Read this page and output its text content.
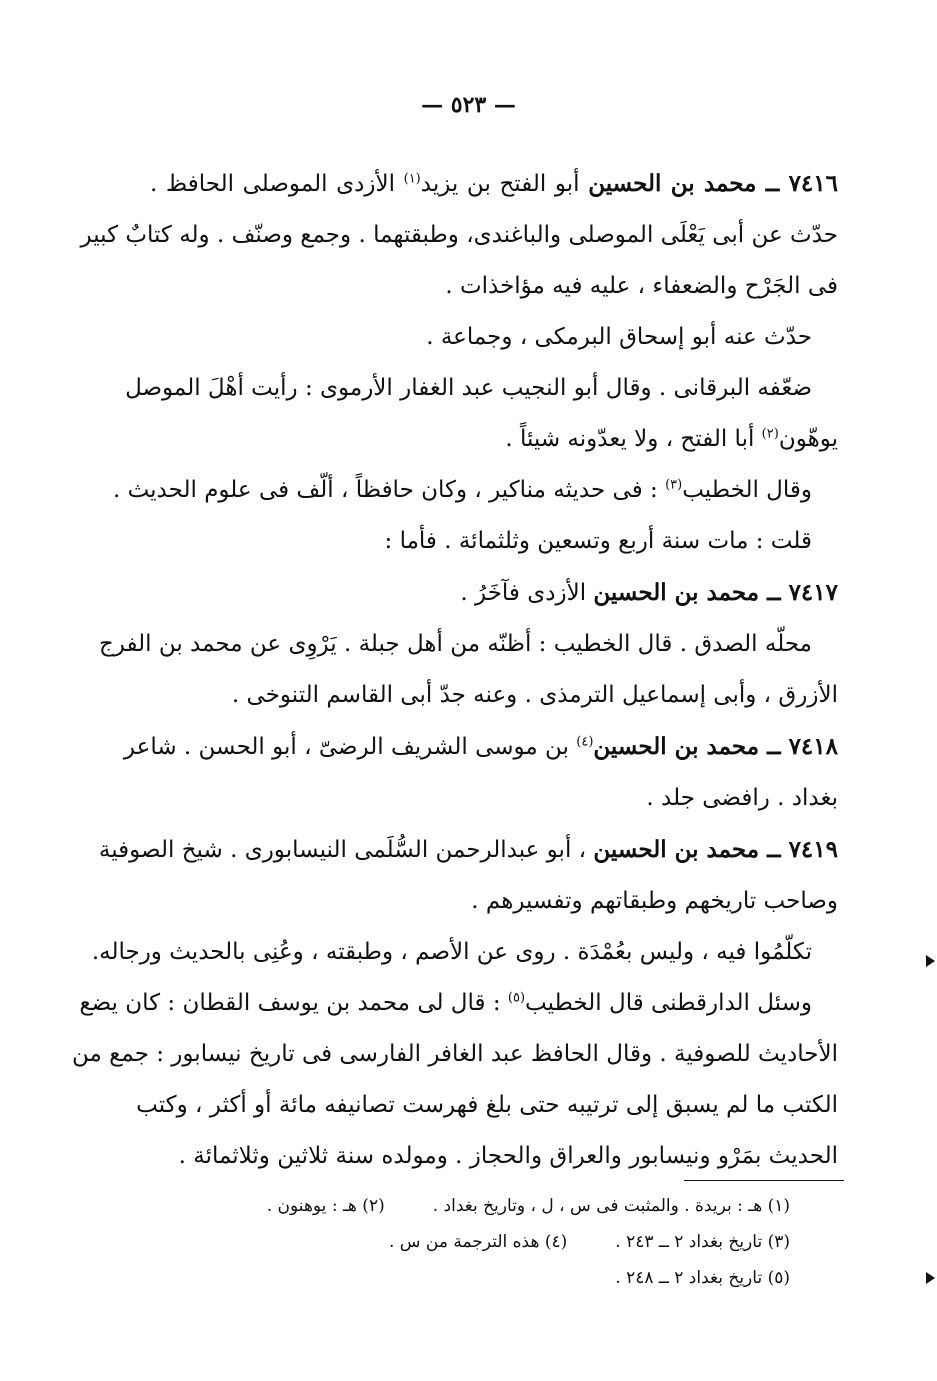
— ٥٢٣ —
٧٤١٦ ــ محمد بن الحسين أبو الفتح بن يزيد$^{(١)}$ الأزدى الموصلى الحافظ .
حدّث عن أبى يَعْلَى الموصلى والباغندى، وطبقتهما . وجمع وصنّف . وله كتابٌ كبير
فى الجَرْح والضعفاء ، عليه فيه مؤاخذات .
حدّث عنه أبو إسحاق البرمكى ، وجماعة .
ضعّفه البرقانى . وقال أبو النجيب عبد الغفار الأرموى : رأيت أهْلَ الموصل
يوهّون$^{(٢)}$ أبا الفتح ، ولا يعدّونه شيئاً .
وقال الخطيب$^{(٣)}$ : فى حديثه مناكير ، وكان حافظاً ، ألّف فى علوم الحديث .
قلت : مات سنة أربع وتسعين وثلثمائة . فأما :
٧٤١٧ ــ محمد بن الحسين الأزدى فآخَرُ .
محلّه الصدق . قال الخطيب : أظنّه من أهل جبلة . يَرْوِى عن محمد بن الفرج
الأزرق ، وأبى إسماعيل الترمذى . وعنه جدّ أبى القاسم التنوخى .
٧٤١٨ ــ محمد بن الحسين$^{(٤)}$ بن موسى الشريف الرضىّ ، أبو الحسن . شاعر
بغداد . رافضى جلد .
٧٤١٩ ــ محمد بن الحسين ، أبو عبدالرحمن السُّلَمى النيسابورى . شيخ الصوفية
وصاحب تاريخهم وطبقاتهم وتفسيرهم .
تكلّمُوا فيه ، وليس بعُمْدَة . روى عن الأصم ، وطبقته ، وعُنِى بالحديث ورجاله.
وسئل الدارقطنى قال الخطيب$^{(٥)}$ : قال لى محمد بن يوسف القطان : كان يضع
الأحاديث للصوفية . وقال الحافظ عبد الغافر الفارسى فى تاريخ نيسابور : جمع من
الكتب ما لم يسبق إلى ترتيبه حتى بلغ فهرست تصانيفه مائة أو أكثر ، وكتب
الحديث بمَرْو ونيسابور والعراق والحجاز . ومولده سنة ثلاثين وثلاثمائة .
(١) هـ : بريدة . والمثبت فى س ، ل ، وتاريخ بغداد .(٢) هـ : يوهنون .
(٣) تاريخ بغداد ٢ ــ ٢٤٣ .(٤) هذه الترجمة من س .
(٥) تاريخ بغداد ٢ ــ ٢٤٨ .
